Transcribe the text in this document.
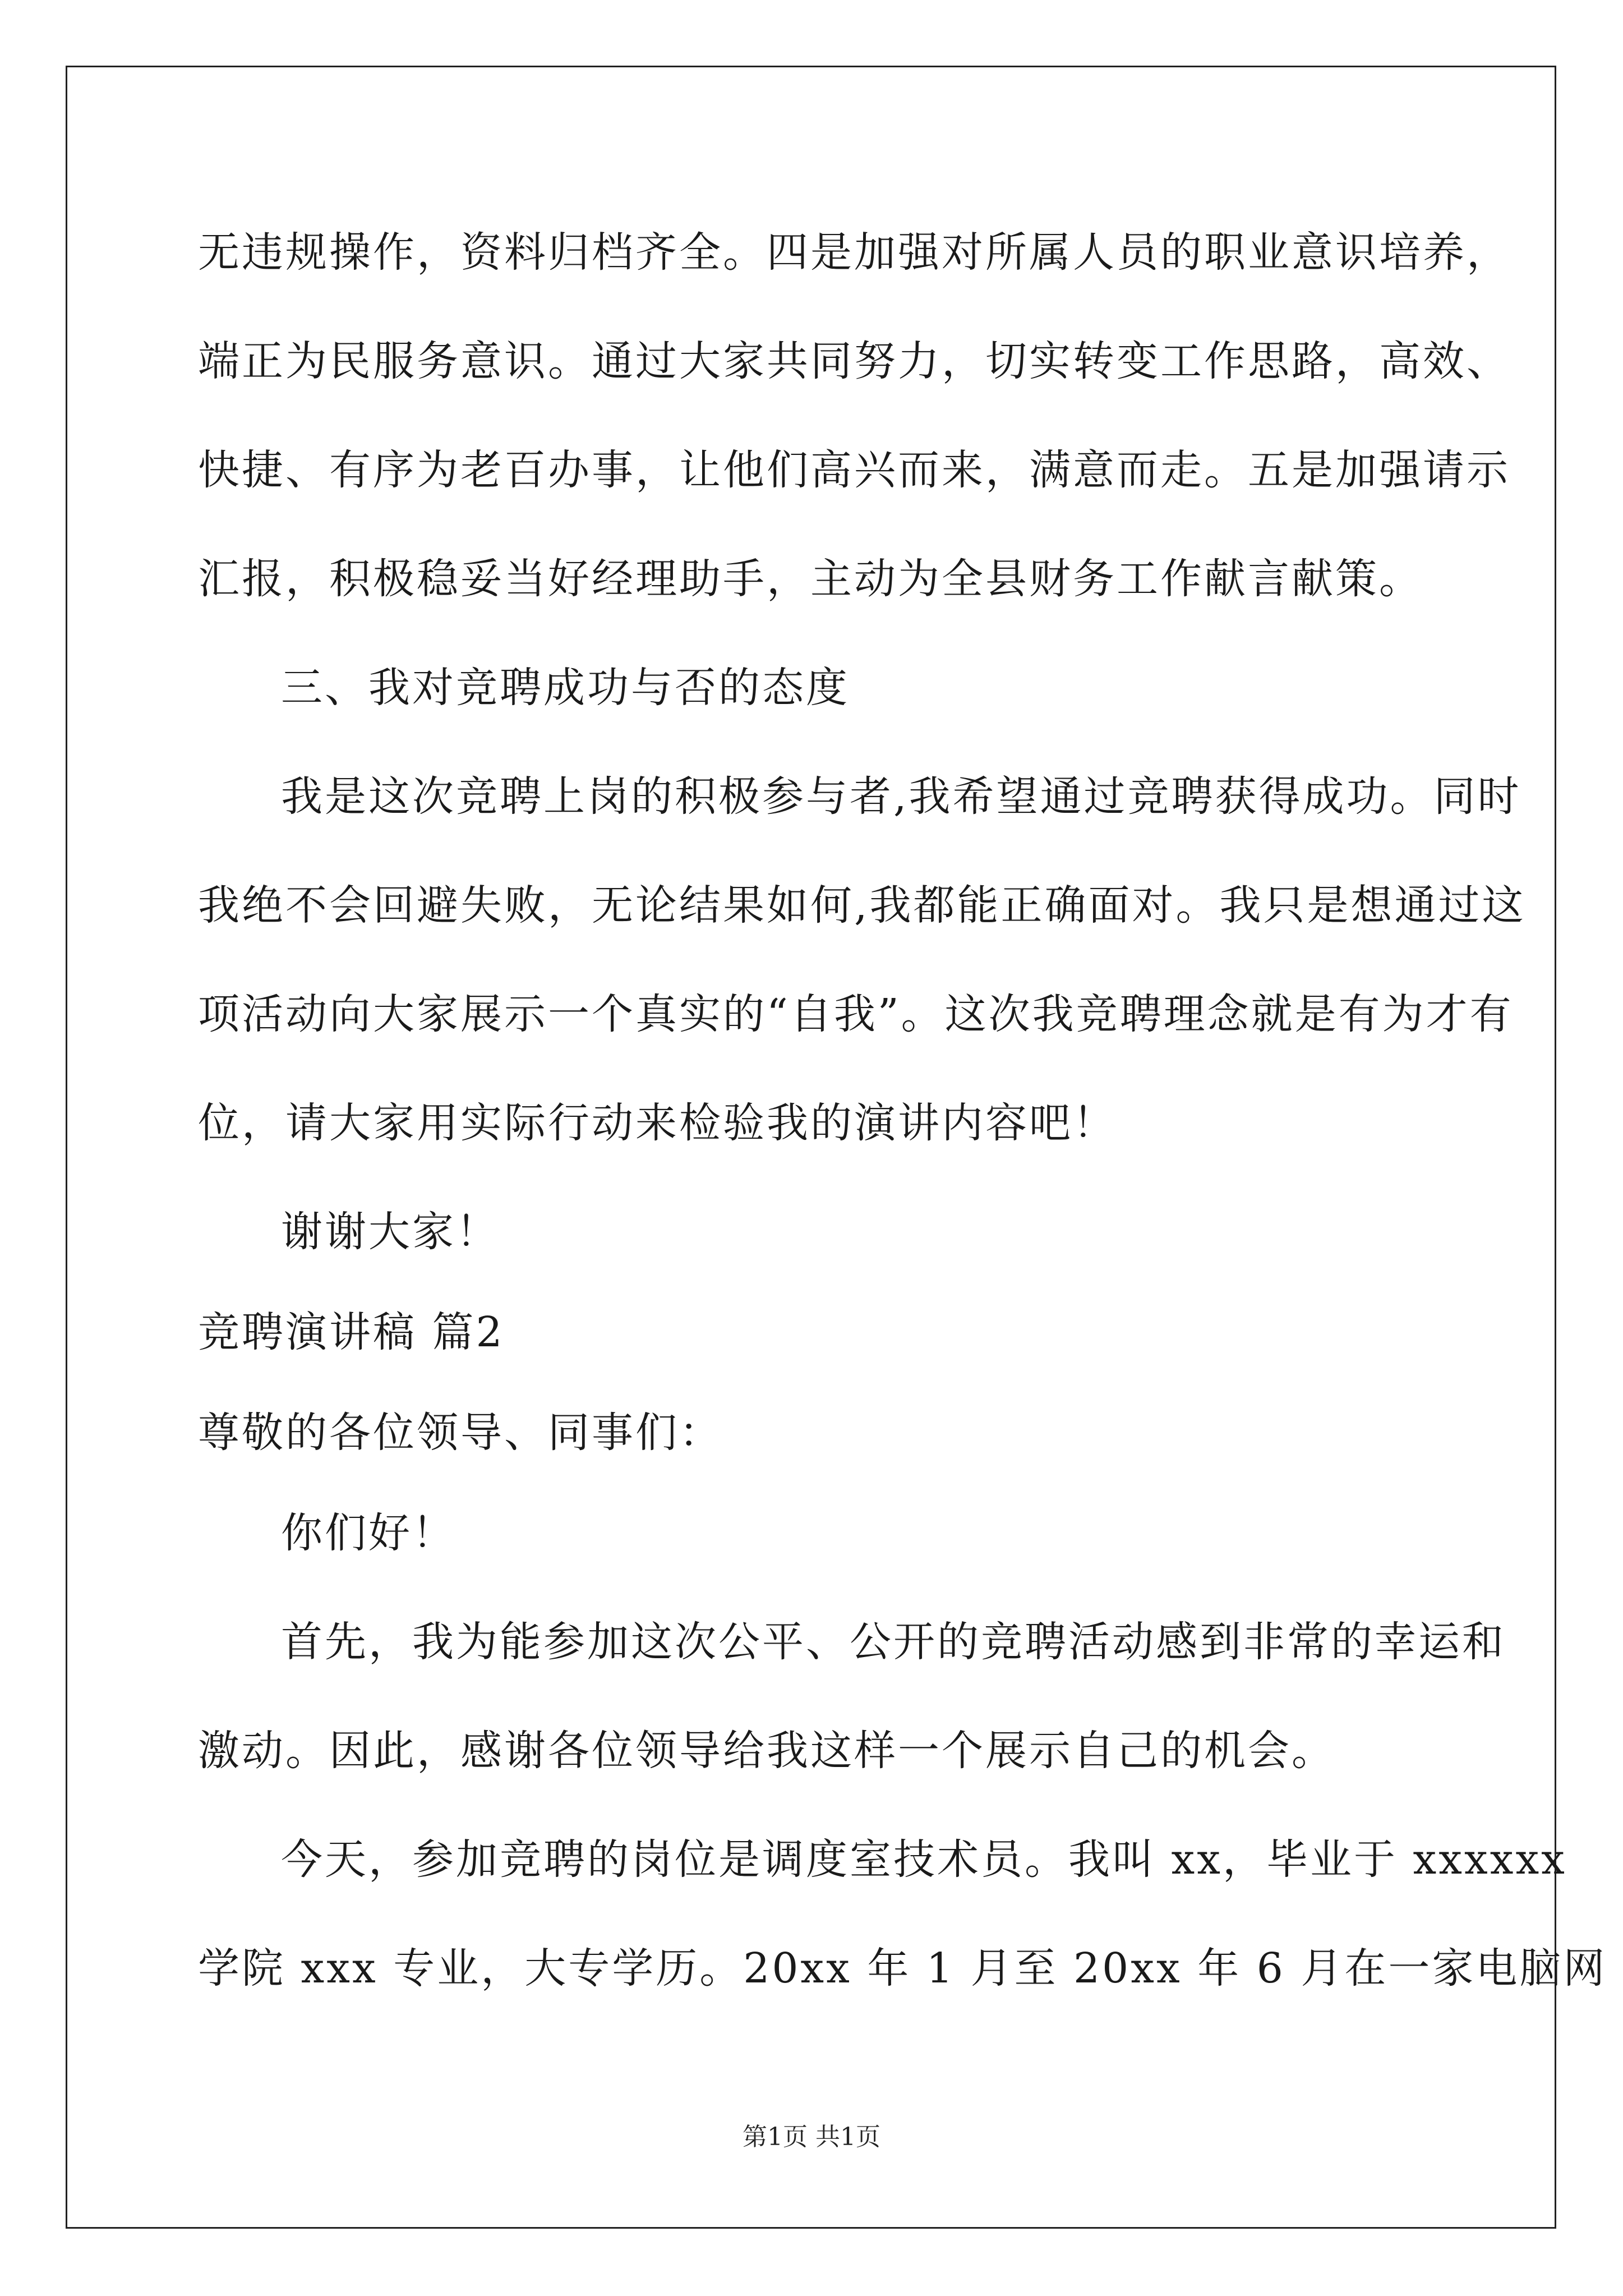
无违规操作，资料归档齐全。四是加强对所属人员的职业意识培养，
端正为民服务意识。通过大家共同努力，切实转变工作思路，高效、
快捷、有序为老百办事，让他们高兴而来，满意而走。五是加强请示
汇报，积极稳妥当好经理助手，主动为全县财务工作献言献策。
三、我对竞聘成功与否的态度
我是这次竞聘上岗的积极参与者,我希望通过竞聘获得成功。同时
我绝不会回避失败，无论结果如何,我都能正确面对。我只是想通过这
项活动向大家展示一个真实的“自我”。这次我竞聘理念就是有为才有
位，请大家用实际行动来检验我的演讲内容吧！
谢谢大家！
竞聘演讲稿 篇2
尊敬的各位领导、同事们：
你们好！
首先，我为能参加这次公平、公开的竞聘活动感到非常的幸运和
激动。因此，感谢各位领导给我这样一个展示自己的机会。
今天，参加竞聘的岗位是调度室技术员。我叫 xx，毕业于 xxxxxx
学院 xxx 专业，大专学历。20xx 年 1 月至 20xx 年 6 月在一家电脑网
第1页 共1页
